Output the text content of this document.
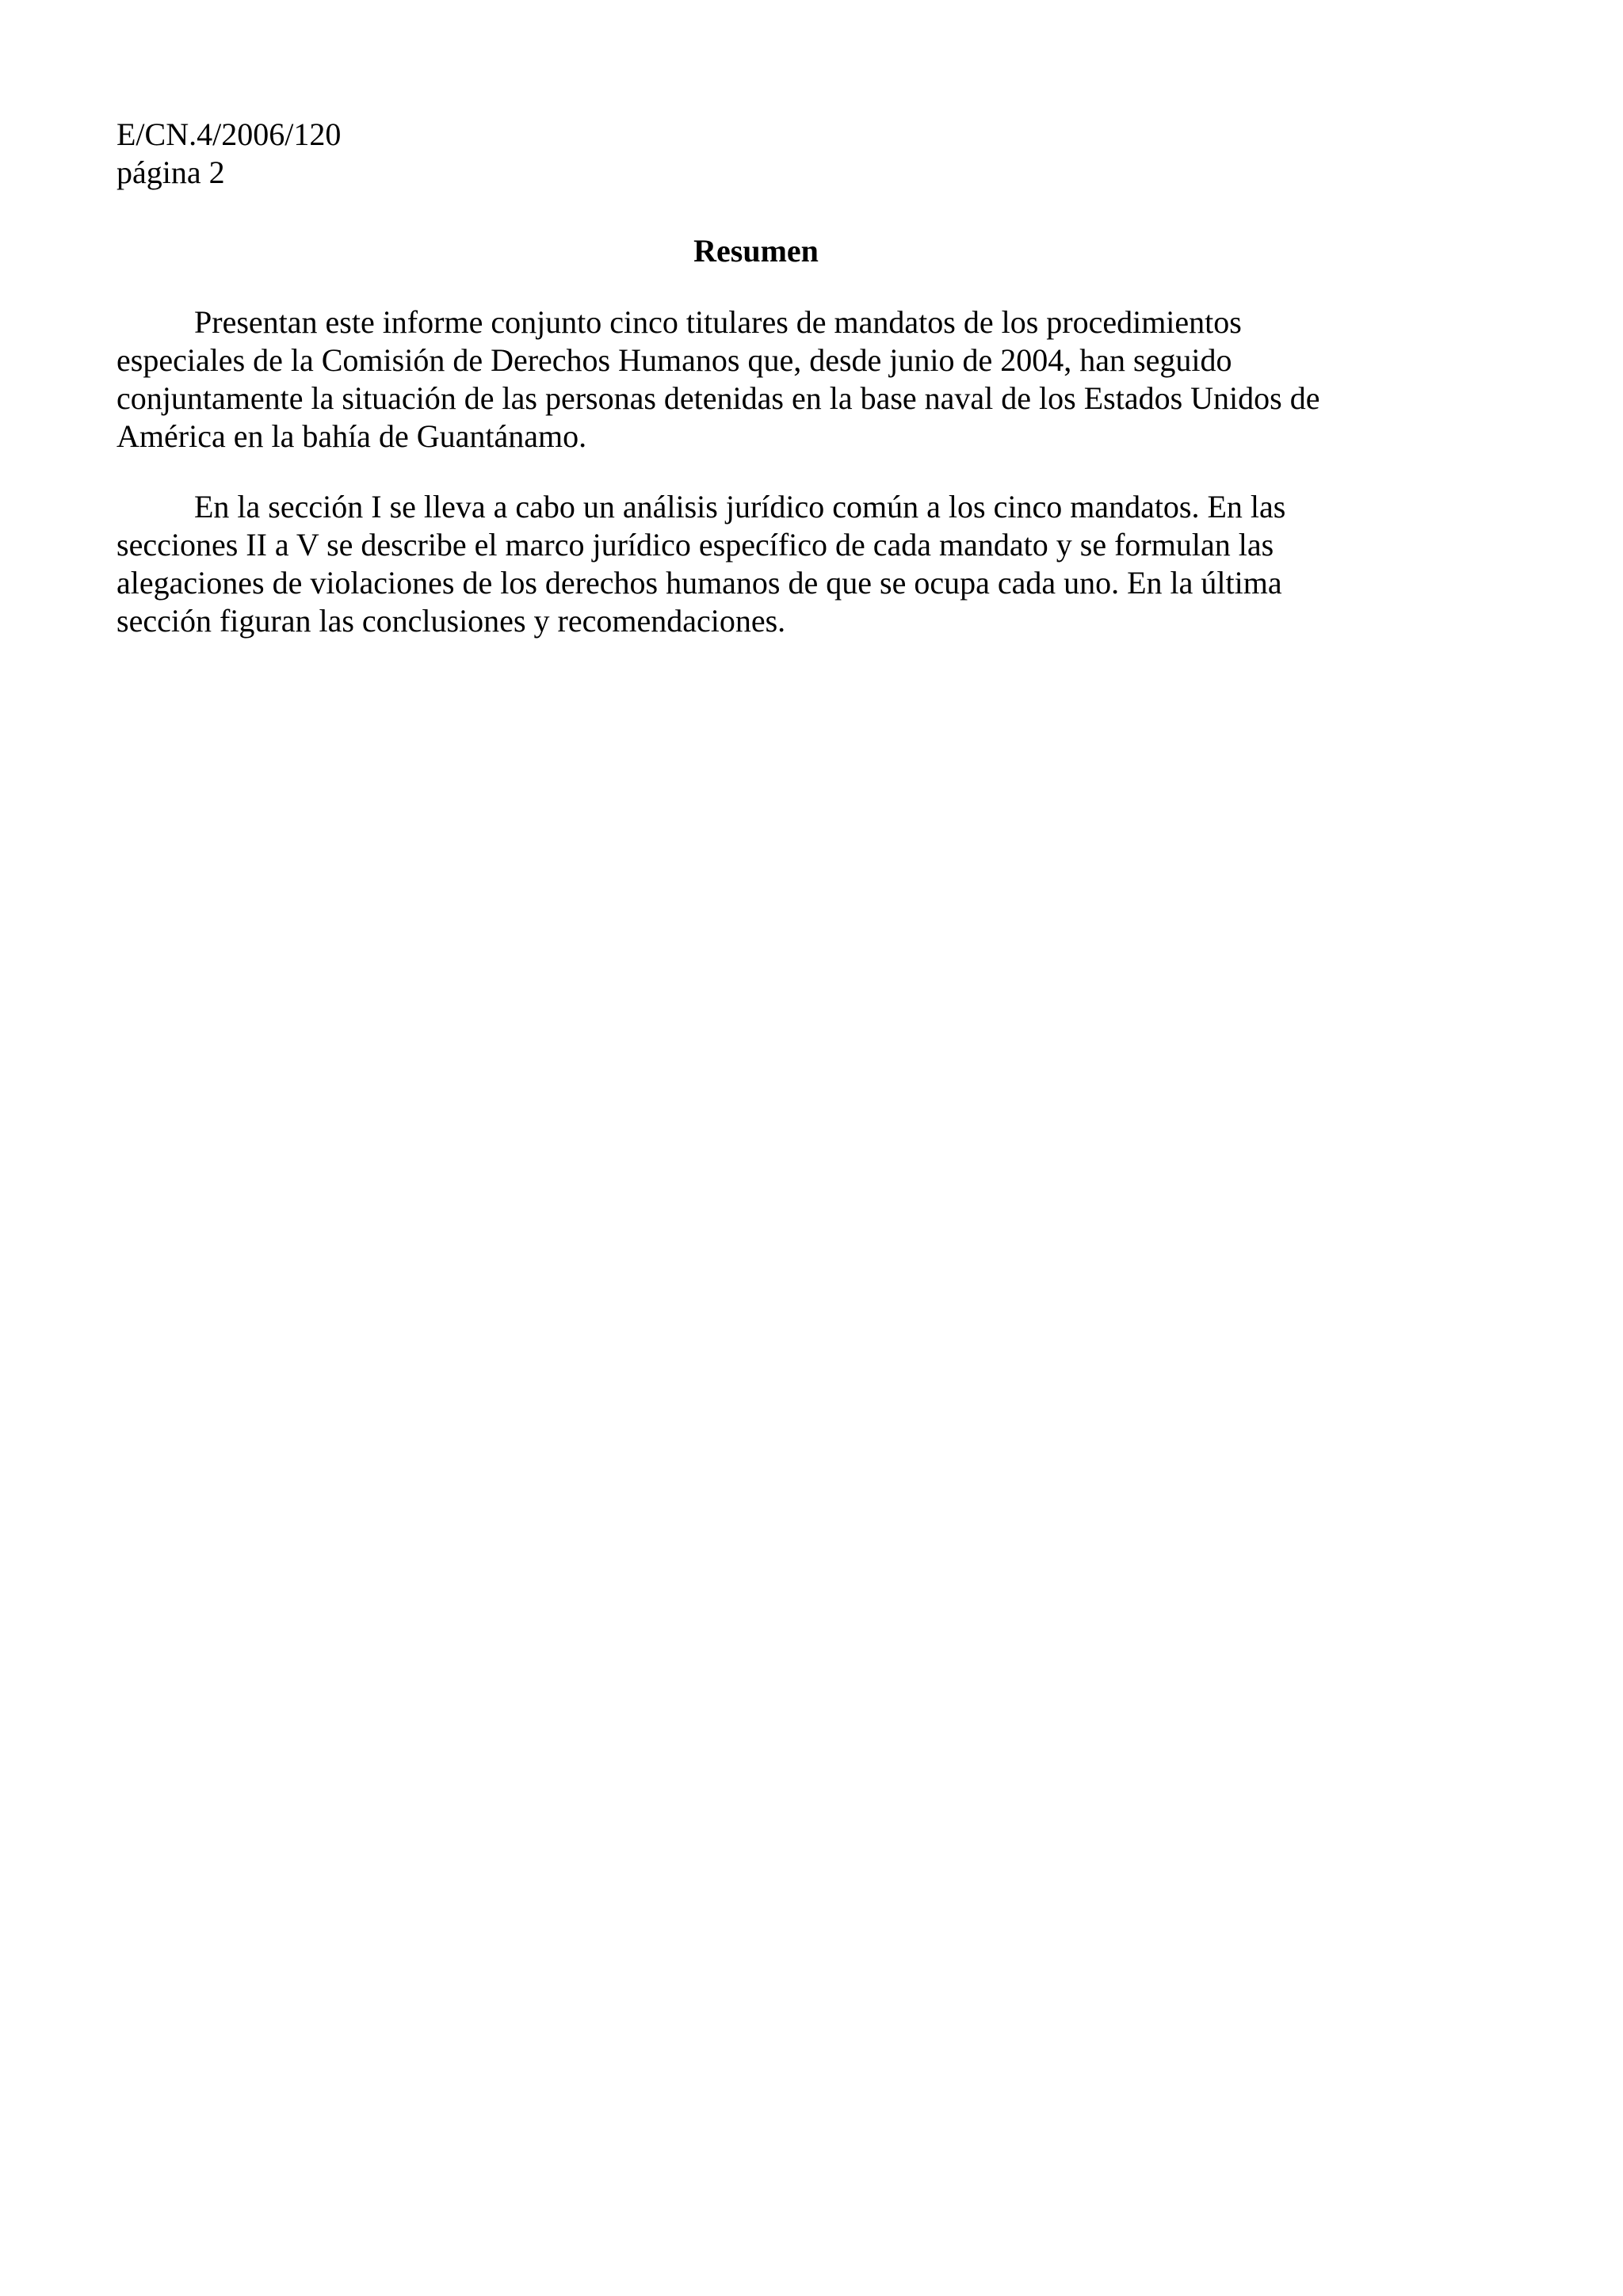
E/CN.4/2006/120
página 2
Resumen

Presentan este informe conjunto cinco titulares de mandatos de los procedimientos
especiales de la Comisión de Derechos Humanos que, desde junio de 2004, han seguido
conjuntamente la situación de las personas detenidas en la base naval de los Estados Unidos de
América en la bahía de Guantánamo.

En la sección I se lleva a cabo un análisis jurídico común a los cinco mandatos. En las
secciones II a V se describe el marco jurídico específico de cada mandato y se formulan las
alegaciones de violaciones de los derechos humanos de que se ocupa cada uno. En la última
sección figuran las conclusiones y recomendaciones.
